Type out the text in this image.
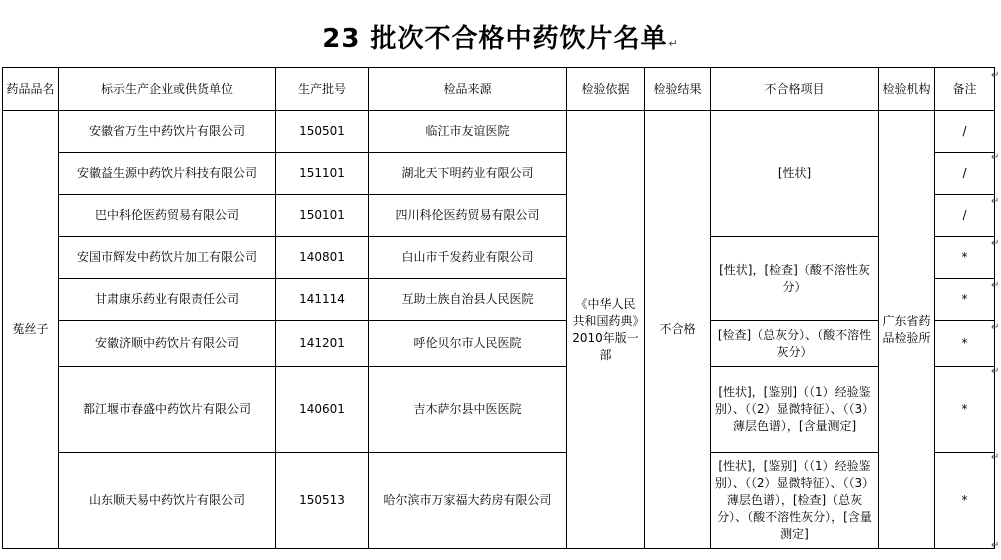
23 批次不合格中药饮片名单↵
药品品名	标示生产企业或供货单位	生产批号	检品来源	检验依据	检验结果	不合格项目	检验机构	备注
菟丝子	安徽省万生中药饮片有限公司	150501	临江市友谊医院	《中华人民共和国药典》2010年版一部	不合格	[性状]	广东省药品检验所	/
	安徽益生源中药饮片科技有限公司	151101	湖北天下明药业有限公司					/
	巴中科伦医药贸易有限公司	150101	四川科伦医药贸易有限公司					/
	安国市辉发中药饮片加工有限公司	140801	白山市千发药业有限公司			[性状]，[检查]（酸不溶性灰分）		*
	甘肃康乐药业有限责任公司	141114	互助土族自治县人民医院					*
	安徽济顺中药饮片有限公司	141201	呼伦贝尔市人民医院			[检查]（总灰分）、（酸不溶性灰分）		*
	都江堰市春盛中药饮片有限公司	140601	吉木萨尔县中医医院			[性状]，[鉴别]（（1）经验鉴别）、（（2）显微特征）、（（3）薄层色谱），[含量测定]		*
	山东顺天易中药饮片有限公司	150513	哈尔滨市万家福大药房有限公司			[性状]，[鉴别]（（1）经验鉴别）、（（2）显微特征）、（（3）薄层色谱），[检查]（总灰分）、（酸不溶性灰分），[含量测定]		*
↵
↵
↵
↵
↵
↵
↵
↵
↵
